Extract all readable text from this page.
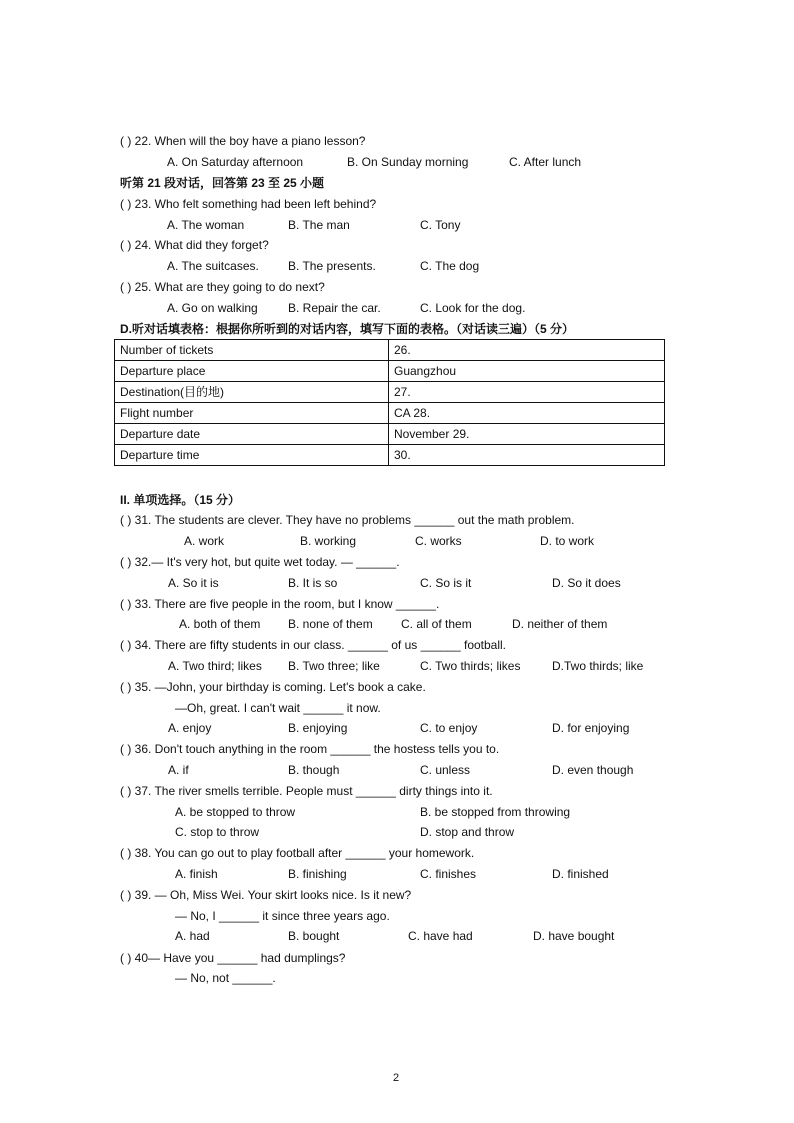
( ) 22. When will the boy have a piano lesson?
A. On Saturday afternoon	B. On Sunday morning	C. After lunch
听第 21 段对话，回答第 23 至 25 小题
( ) 23. Who felt something had been left behind?
A. The woman	B. The man	C. Tony
( ) 24. What did they forget?
A. The suitcases. B. The presents.	C. The dog
( ) 25. What are they going to do next?
A. Go on walking	B. Repair the car.	C. Look for the dog.
D.听对话填表格：根据你所听到的对话内容，填写下面的表格。（对话读三遍）（5 分）
Number of tickets	26.
Departure place	Guangzhou
Destination(目的地)	27.
Flight number	CA 28.
Departure date	November 29.
Departure time	30.
II. 单项选择。（15 分）
( ) 31. The students are clever. They have no problems ______ out the math problem.
A. work	B. working	C. works	D. to work
( ) 32.— It's very hot, but quite wet today. — ______.
A. So it is	B. It is so	C. So is it	D. So it does
( ) 33. There are five people in the room, but I know ______.
A. both of them B. none of them C. all of them	D. neither of them
( ) 34. There are fifty students in our class. ______ of us ______ football.
A. Two third; likes B. Two three; like	C. Two thirds; likes	D.Two thirds; like
( ) 35. —John, your birthday is coming. Let's book a cake.
—Oh, great. I can't wait ______ it now.
A. enjoy	B. enjoying	C. to enjoy	D. for enjoying
( ) 36. Don't touch anything in the room ______ the hostess tells you to.
A. if	B. though	C. unless	D. even though
( ) 37. The river smells terrible. People must ______ dirty things into it.
A. be stopped to throw	B. be stopped from throwing
C. stop to throw	D. stop and throw
( ) 38. You can go out to play football after ______ your homework.
A. finish	B. finishing	C. finishes	D. finished
( ) 39. — Oh, Miss Wei. Your skirt looks nice. Is it new?
— No, I ______ it since three years ago.
A. had	B. bought	C. have had	D. have bought
( ) 40— Have you ______ had dumplings?
— No, not ______.
2
